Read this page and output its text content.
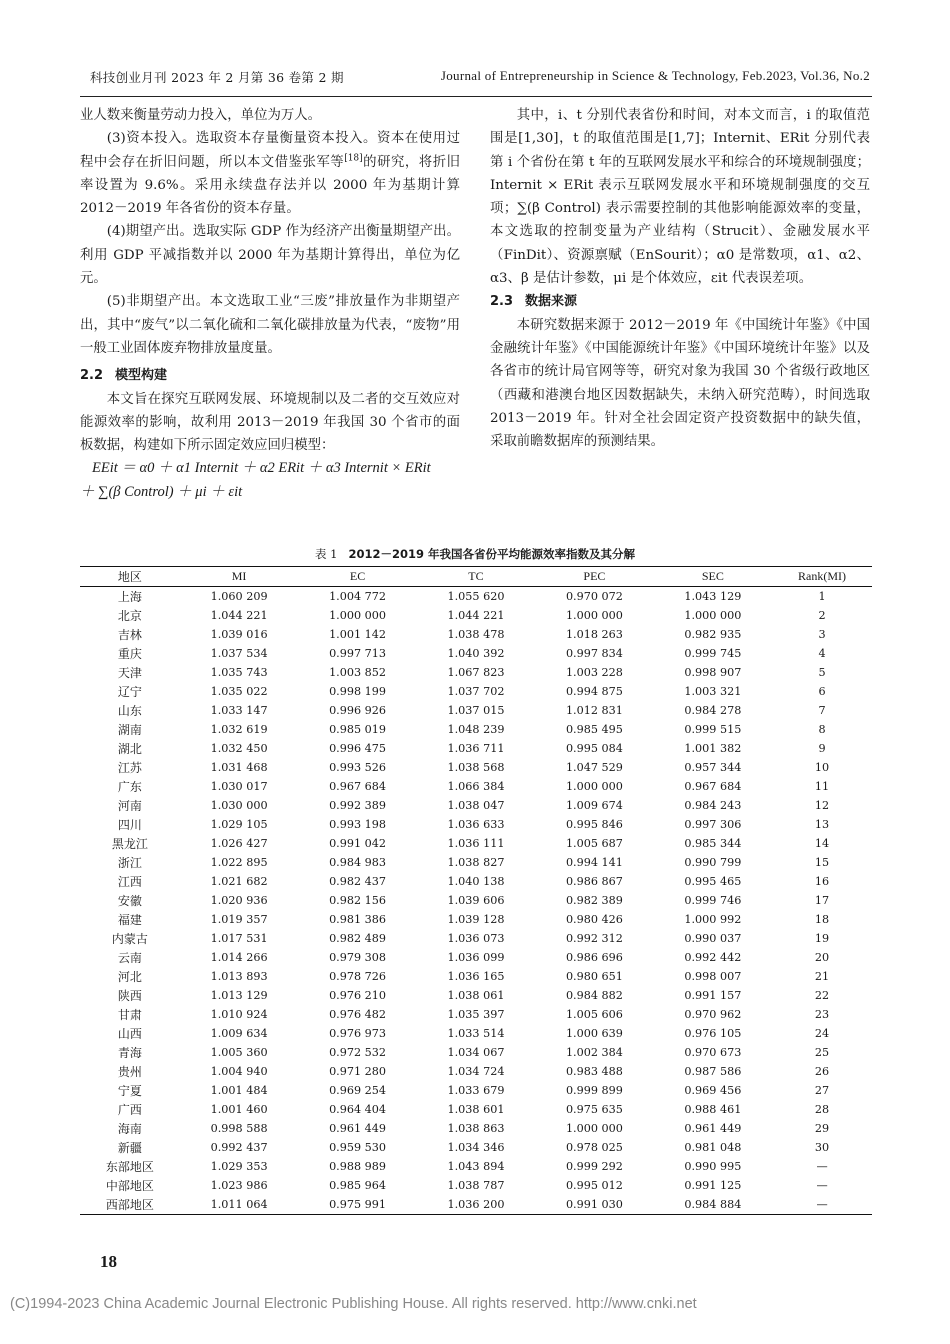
科技创业月刊 2023 年 2 月第 36 卷第 2 期	Journal of Entrepreneurship in Science & Technology, Feb.2023, Vol.36, No.2

业人数来衡量劳动力投入，单位为万人。

(3)资本投入。选取资本存量衡量资本投入。资本在使用过程中会存在折旧问题，所以本文借鉴张军等[18]的研究，将折旧率设置为 9.6%。采用永续盘存法并以 2000 年为基期计算 2012－2019 年各省份的资本存量。

(4)期望产出。选取实际 GDP 作为经济产出衡量期望产出。利用 GDP 平减指数并以 2000 年为基期计算得出，单位为亿元。

(5)非期望产出。本文选取工业“三废”排放量作为非期望产出，其中“废气”以二氧化硫和二氧化碳排放量为代表，“废物”用一般工业固体废弃物排放量度量。

2.2 模型构建

本文旨在探究互联网发展、环境规制以及二者的交互效应对能源效率的影响，故利用 2013－2019 年我国 30 个省市的面板数据，构建如下所示固定效应回归模型：

EEit ＝ α0 ＋ α1 Internit ＋ α2 ERit ＋ α3 Internit × ERit

＋ ∑(β Control) ＋ μi ＋ εit

其中，i、t 分别代表省份和时间，对本文而言，i 的取值范围是[1,30]，t 的取值范围是[1,7]；Internit、ERit 分别代表第 i 个省份在第 t 年的互联网发展水平和综合的环境规制强度；Internit × ERit 表示互联网发展水平和环境规制强度的交互项；∑(β Control) 表示需要控制的其他影响能源效率的变量，本文选取的控制变量为产业结构（Strucit）、金融发展水平（FinDit）、资源禀赋（EnSourit）；α0 是常数项，α1、α2、α3、β 是估计参数，μi 是个体效应，εit 代表误差项。

2.3 数据来源

本研究数据来源于 2012－2019 年《中国统计年鉴》《中国金融统计年鉴》《中国能源统计年鉴》《中国环境统计年鉴》以及各省市的统计局官网等等，研究对象为我国 30 个省级行政地区（西藏和港澳台地区因数据缺失，未纳入研究范畴），时间选取 2013－2019 年。针对全社会固定资产投资数据中的缺失值，采取前瞻数据库的预测结果。

表 1 2012－2019 年我国各省份平均能源效率指数及其分解
地区	MI	EC	TC	PEC	SEC	Rank(MI)
上海	1.060 209	1.004 772	1.055 620	0.970 072	1.043 129	1
北京	1.044 221	1.000 000	1.044 221	1.000 000	1.000 000	2
吉林	1.039 016	1.001 142	1.038 478	1.018 263	0.982 935	3
重庆	1.037 534	0.997 713	1.040 392	0.997 834	0.999 745	4
天津	1.035 743	1.003 852	1.067 823	1.003 228	0.998 907	5
辽宁	1.035 022	0.998 199	1.037 702	0.994 875	1.003 321	6
山东	1.033 147	0.996 926	1.037 015	1.012 831	0.984 278	7
湖南	1.032 619	0.985 019	1.048 239	0.985 495	0.999 515	8
湖北	1.032 450	0.996 475	1.036 711	0.995 084	1.001 382	9
江苏	1.031 468	0.993 526	1.038 568	1.047 529	0.957 344	10
广东	1.030 017	0.967 684	1.066 384	1.000 000	0.967 684	11
河南	1.030 000	0.992 389	1.038 047	1.009 674	0.984 243	12
四川	1.029 105	0.993 198	1.036 633	0.995 846	0.997 306	13
黑龙江	1.026 427	0.991 042	1.036 111	1.005 687	0.985 344	14
浙江	1.022 895	0.984 983	1.038 827	0.994 141	0.990 799	15
江西	1.021 682	0.982 437	1.040 138	0.986 867	0.995 465	16
安徽	1.020 936	0.982 156	1.039 606	0.982 389	0.999 746	17
福建	1.019 357	0.981 386	1.039 128	0.980 426	1.000 992	18
内蒙古	1.017 531	0.982 489	1.036 073	0.992 312	0.990 037	19
云南	1.014 266	0.979 308	1.036 099	0.986 696	0.992 442	20
河北	1.013 893	0.978 726	1.036 165	0.980 651	0.998 007	21
陕西	1.013 129	0.976 210	1.038 061	0.984 882	0.991 157	22
甘肃	1.010 924	0.976 482	1.035 397	1.005 606	0.970 962	23
山西	1.009 634	0.976 973	1.033 514	1.000 639	0.976 105	24
青海	1.005 360	0.972 532	1.034 067	1.002 384	0.970 673	25
贵州	1.004 940	0.971 280	1.034 724	0.983 488	0.987 586	26
宁夏	1.001 484	0.969 254	1.033 679	0.999 899	0.969 456	27
广西	1.001 460	0.964 404	1.038 601	0.975 635	0.988 461	28
海南	0.998 588	0.961 449	1.038 863	1.000 000	0.961 449	29
新疆	0.992 437	0.959 530	1.034 346	0.978 025	0.981 048	30
东部地区	1.029 353	0.988 989	1.043 894	0.999 292	0.990 995	—
中部地区	1.023 986	0.985 964	1.038 787	0.995 012	0.991 125	—
西部地区	1.011 064	0.975 991	1.036 200	0.991 030	0.984 884	—
18
(C)1994-2023 China Academic Journal Electronic Publishing House. All rights reserved. http://www.cnki.net
